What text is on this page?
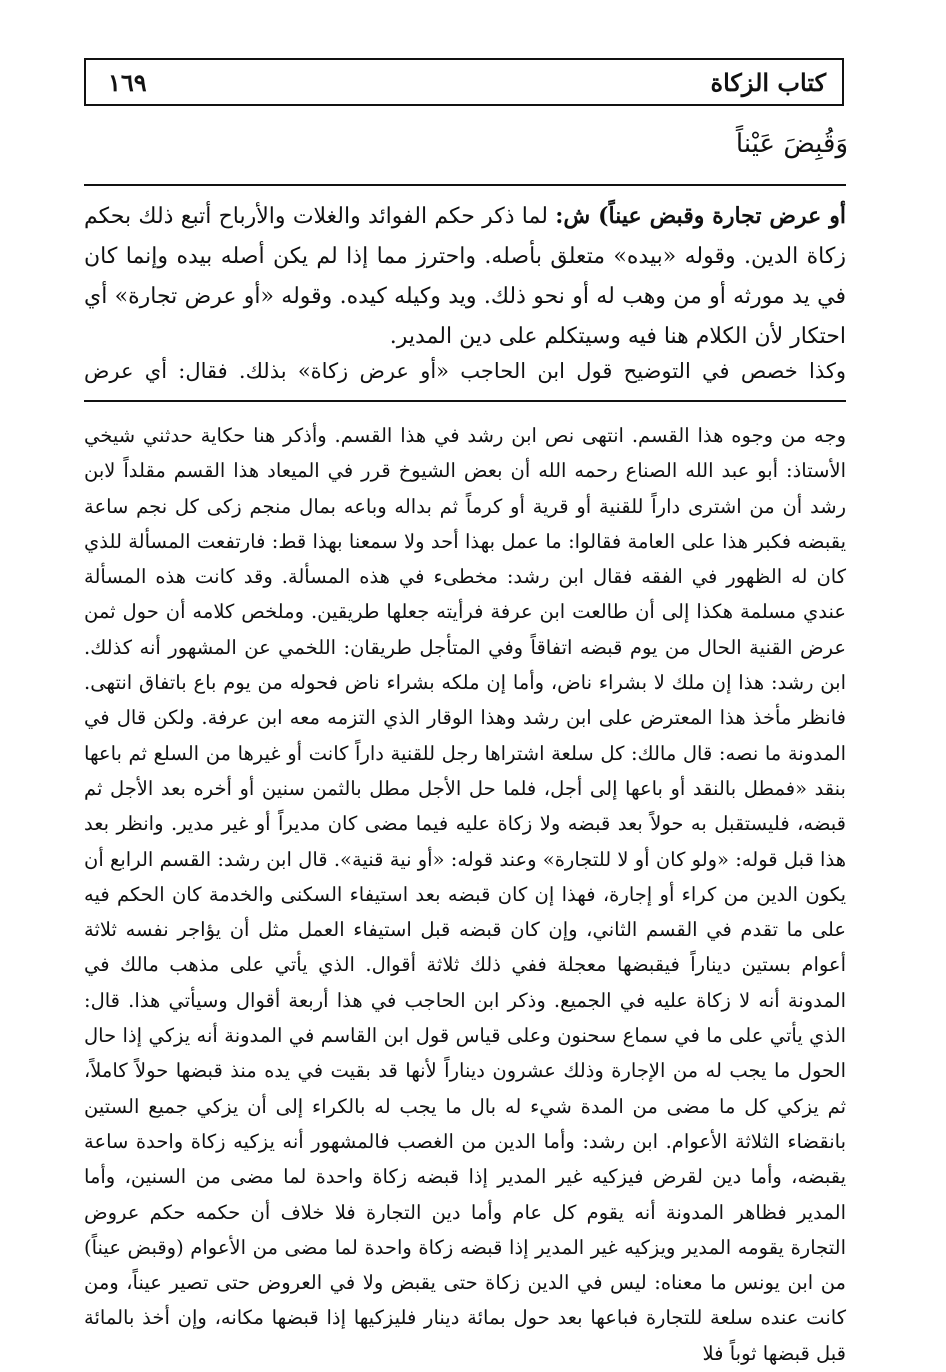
كتاب الزكاة
١٦٩
وَقُبِضَ عَيْناً

أو عرض تجارة وقبض عيناً) ش: لما ذكر حكم الفوائد والغلات والأرباح أتبع ذلك بحكم زكاة الدين. وقوله «بيده» متعلق بأصله. واحترز مما إذا لم يكن أصله بيده وإنما كان في يد مورثه أو من وهب له أو نحو ذلك. ويد وكيله كيده. وقوله «أو عرض تجارة» أي احتكار لأن الكلام هنا فيه وسيتكلم على دين المدير.

وكذا خصص في التوضيح قول ابن الحاجب «أو عرض زكاة» بذلك. فقال: أي عرض

وجه من وجوه هذا القسم. انتهى نص ابن رشد في هذا القسم. وأذكر هنا حكاية حدثني شيخي الأستاذ: أبو عبد الله الصناع رحمه الله أن بعض الشيوخ قرر في الميعاد هذا القسم مقلداً لابن رشد أن من اشترى داراً للقنية أو قرية أو كرماً ثم بداله وباعه بمال منجم زكى كل نجم ساعة يقبضه فكبر هذا على العامة فقالوا: ما عمل بهذا أحد ولا سمعنا بهذا قط: فارتفعت المسألة للذي كان له الظهور في الفقه فقال ابن رشد: مخطىء في هذه المسألة. وقد كانت هذه المسألة عندي مسلمة هكذا إلى أن طالعت ابن عرفة فرأيته جعلها طريقين. وملخص كلامه أن حول ثمن عرض القنية الحال من يوم قبضه اتفاقاً وفي المتأجل طريقان: اللخمي عن المشهور أنه كذلك. ابن رشد: هذا إن ملك لا بشراء ناض، وأما إن ملكه بشراء ناض فحوله من يوم باع باتفاق انتهى. فانظر مأخذ هذا المعترض على ابن رشد وهذا الوقار الذي التزمه معه ابن عرفة. ولكن قال في المدونة ما نصه: قال مالك: كل سلعة اشتراها رجل للقنية داراً كانت أو غيرها من السلع ثم باعها بنقد «فمطل بالنقد أو باعها إلى أجل، فلما حل الأجل مطل بالثمن سنين أو أخره بعد الأجل ثم قبضه، فليستقبل به حولاً بعد قبضه ولا زكاة عليه فيما مضى كان مديراً أو غير مدير. وانظر بعد هذا قبل قوله: «ولو كان أو لا للتجارة» وعند قوله: «أو نية قنية». قال ابن رشد: القسم الرابع أن يكون الدين من كراء أو إجارة، فهذا إن كان قبضه بعد استيفاء السكنى والخدمة كان الحكم فيه على ما تقدم في القسم الثاني، وإن كان قبضه قبل استيفاء العمل مثل أن يؤاجر نفسه ثلاثة أعوام بستين ديناراً فيقبضها معجلة ففي ذلك ثلاثة أقوال. الذي يأتي على مذهب مالك في المدونة أنه لا زكاة عليه في الجميع. وذكر ابن الحاجب في هذا أربعة أقوال وسيأتي هذا. قال: الذي يأتي على ما في سماع سحنون وعلى قياس قول ابن القاسم في المدونة أنه يزكي إذا حال الحول ما يجب له من الإجارة وذلك عشرون ديناراً لأنها قد بقيت في يده منذ قبضها حولاً كاملاً، ثم يزكي كل ما مضى من المدة شيء له بال ما يجب له بالكراء إلى أن يزكي جميع الستين بانقضاء الثلاثة الأعوام. ابن رشد: وأما الدين من الغصب فالمشهور أنه يزكيه زكاة واحدة ساعة يقبضه، وأما دين لقرض فيزكيه غير المدير إذا قبضه زكاة واحدة لما مضى من السنين، وأما المدير فظاهر المدونة أنه يقوم كل عام وأما دين التجارة فلا خلاف أن حكمه حكم عروض التجارة يقومه المدير ويزكيه غير المدير إذا قبضه زكاة واحدة لما مضى من الأعوام (وقبض عيناً) من ابن يونس ما معناه: ليس في الدين زكاة حتى يقبض ولا في العروض حتى تصير عيناً، ومن كانت عنده سلعة للتجارة فباعها بعد حول بمائة دينار فليزكيها إذا قبضها مكانه، وإن أخذ بالمائة قبل قبضها ثوباً فلا
